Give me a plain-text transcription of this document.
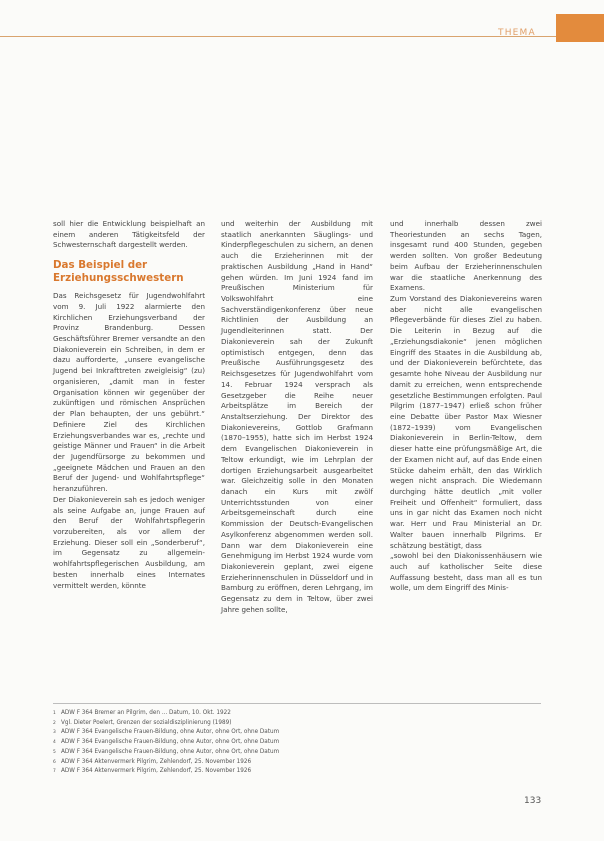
THEMA

soll hier die Entwicklung beispielhaft an einem anderen Tätigkeitsfeld der Schwesternschaft dargestellt werden.

Das Beispiel der Erziehungsschwestern

Das Reichsgesetz für Jugendwohlfahrt vom 9. Juli 1922 alarmierte den Kirchlichen Erziehungsverband der Provinz Brandenburg. Dessen Geschäftsführer Bremer versandte an den Diakonieverein ein Schreiben, in dem er dazu aufforderte, „unsere evangelische Jugend bei Inkrafttreten zweigleisig“ (zu) organisieren, „damit man in fester Organisation können wir gegenüber der zukünftigen und römischen Ansprüchen der Plan behaupten, der uns gebührt.“ Definiere Ziel des Kirchlichen Erziehungsverbandes war es, „rechte und geistige Männer und Frauen“ in die Arbeit der Jugendfürsorge zu bekommen und „geeignete Mädchen und Frauen an den Beruf der Jugend- und Wohlfahrtspflege“ heranzuführen.

Der Diakonieverein sah es jedoch weniger als seine Aufgabe an, junge Frauen auf den Beruf der Wohlfahrtspflegerin vorzubereiten, als vor allem der Erziehung. Dieser soll ein „Sonderberuf“, im Gegensatz zu allgemein-wohlfahrtspflegerischen Ausbildung, am besten innerhalb eines Internates vermittelt werden, könnte

und weiterhin der Ausbildung mit staatlich anerkannten Säuglings- und Kinderpflegeschulen zu sichern, an denen auch die Erzieherinnen mit der praktischen Ausbildung „Hand in Hand“ gehen würden. Im Juni 1924 fand im Preußischen Ministerium für Volkswohlfahrt eine Sachverständigenkonferenz über neue Richtlinien der Ausbildung an Jugendleiterinnen statt. Der Diakonieverein sah der Zukunft optimistisch entgegen, denn das Preußische Ausführungsgesetz des Reichsgesetzes für Jugendwohlfahrt vom 14. Februar 1924 versprach als Gesetzgeber die Reihe neuer Arbeitsplätze im Bereich der Anstaltserziehung. Der Direktor des Diakonievereins, Gottlob Grafmann (1870–1955), hatte sich im Herbst 1924 dem Evangelischen Diakonieverein in Teltow erkundigt, wie im Lehrplan der dortigen Erziehungsarbeit ausgearbeitet war. Gleichzeitig solle in den Monaten danach ein Kurs mit zwölf Unterrichtsstunden von einer Arbeitsgemeinschaft durch eine Kommission der Deutsch-Evangelischen Asylkonferenz abgenommen werden soll. Dann war dem Diakonieverein eine Genehmigung im Herbst 1924 wurde vom Diakonieverein geplant, zwei eigene Erzieherinnenschulen in Düsseldorf und in Bamburg zu eröffnen, deren Lehrgang, im Gegensatz zu dem in Teltow, über zwei Jahre gehen sollte,

und innerhalb dessen zwei Theoriestunden an sechs Tagen, insgesamt rund 400 Stunden, gegeben werden sollten. Von großer Bedeutung beim Aufbau der Erzieherinnenschulen war die staatliche Anerkennung des Examens.

Zum Vorstand des Diakonievereins waren aber nicht alle evangelischen Pflegeverbände für dieses Ziel zu haben. Die Leiterin in Bezug auf die „Erziehungsdiakonie“ jenen möglichen Eingriff des Staates in die Ausbildung ab, und der Diakonieverein befürchtete, das gesamte hohe Niveau der Ausbildung nur damit zu erreichen, wenn entsprechende gesetzliche Bestimmungen erfolgten. Paul Pilgrim (1877–1947) erließ schon früher eine Debatte über Pastor Max Wiesner (1872–1939) vom Evangelischen Diakonieverein in Berlin-Teltow, dem dieser hatte eine prüfungsmäßige Art, die der Examen nicht auf, auf das Ende einen Stücke daheim erhält, den das Wirklich wegen nicht ansprach. Die Wiedemann durchging hätte deutlich „mit voller Freiheit und Offenheit“ formuliert, dass uns in gar nicht das Examen noch nicht war. Herr und Frau Ministerial an Dr. Walter bauen innerhalb Pilgrims. Er schätzung bestätigt, dass

„sowohl bei den Diakonissenhäusern wie auch auf katholischer Seite diese Auffassung besteht, dass man all es tun wolle, um dem Eingriff des Minis-

1 ADW F 364 Bremer an Pilgrim, den ... Datum, 10. Okt. 1922
2 Vgl. Dieter Poelert, Grenzen der sozialdisziplinierung (1989)
3 ADW F 364 Evangelische Frauen-Bildung, ohne Autor, ohne Ort, ohne Datum
4 ADW F 364 Evangelische Frauen-Bildung, ohne Autor, ohne Ort, ohne Datum
5 ADW F 364 Evangelische Frauen-Bildung, ohne Autor, ohne Ort, ohne Datum
6 ADW F 364 Aktenvermerk Pilgrim, Zehlendorf, 25. November 1926
7 ADW F 364 Aktenvermerk Pilgrim, Zehlendorf, 25. November 1926
133
